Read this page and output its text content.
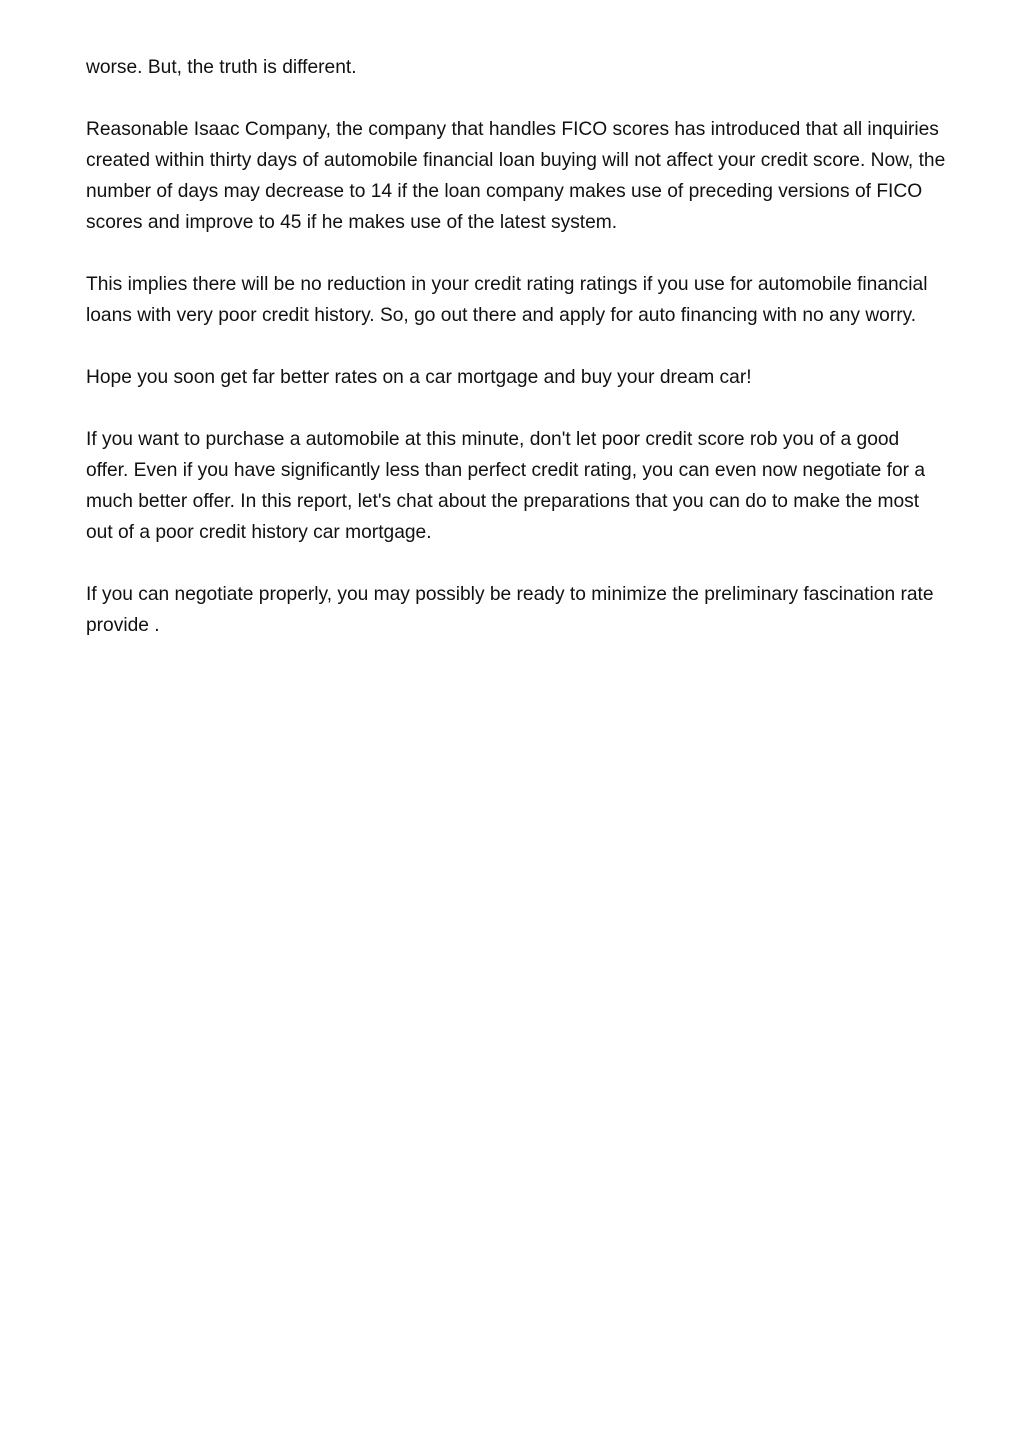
worse. But, the truth is different.

Reasonable Isaac Company, the company that handles FICO scores has introduced that all inquiries created within thirty days of automobile financial loan buying will not affect your credit score. Now, the number of days may decrease to 14 if the loan company makes use of preceding versions of FICO scores and improve to 45 if he makes use of the latest system.

This implies there will be no reduction in your credit rating ratings if you use for automobile financial loans with very poor credit history. So, go out there and apply for auto financing with no any worry.

Hope you soon get far better rates on a car mortgage and buy your dream car!

If you want to purchase a automobile at this minute, don't let poor credit score rob you of a good offer. Even if you have significantly less than perfect credit rating, you can even now negotiate for a much better offer. In this report, let's chat about the preparations that you can do to make the most out of a poor credit history car mortgage.

If you can negotiate properly, you may possibly be ready to minimize the preliminary fascination rate provide .
